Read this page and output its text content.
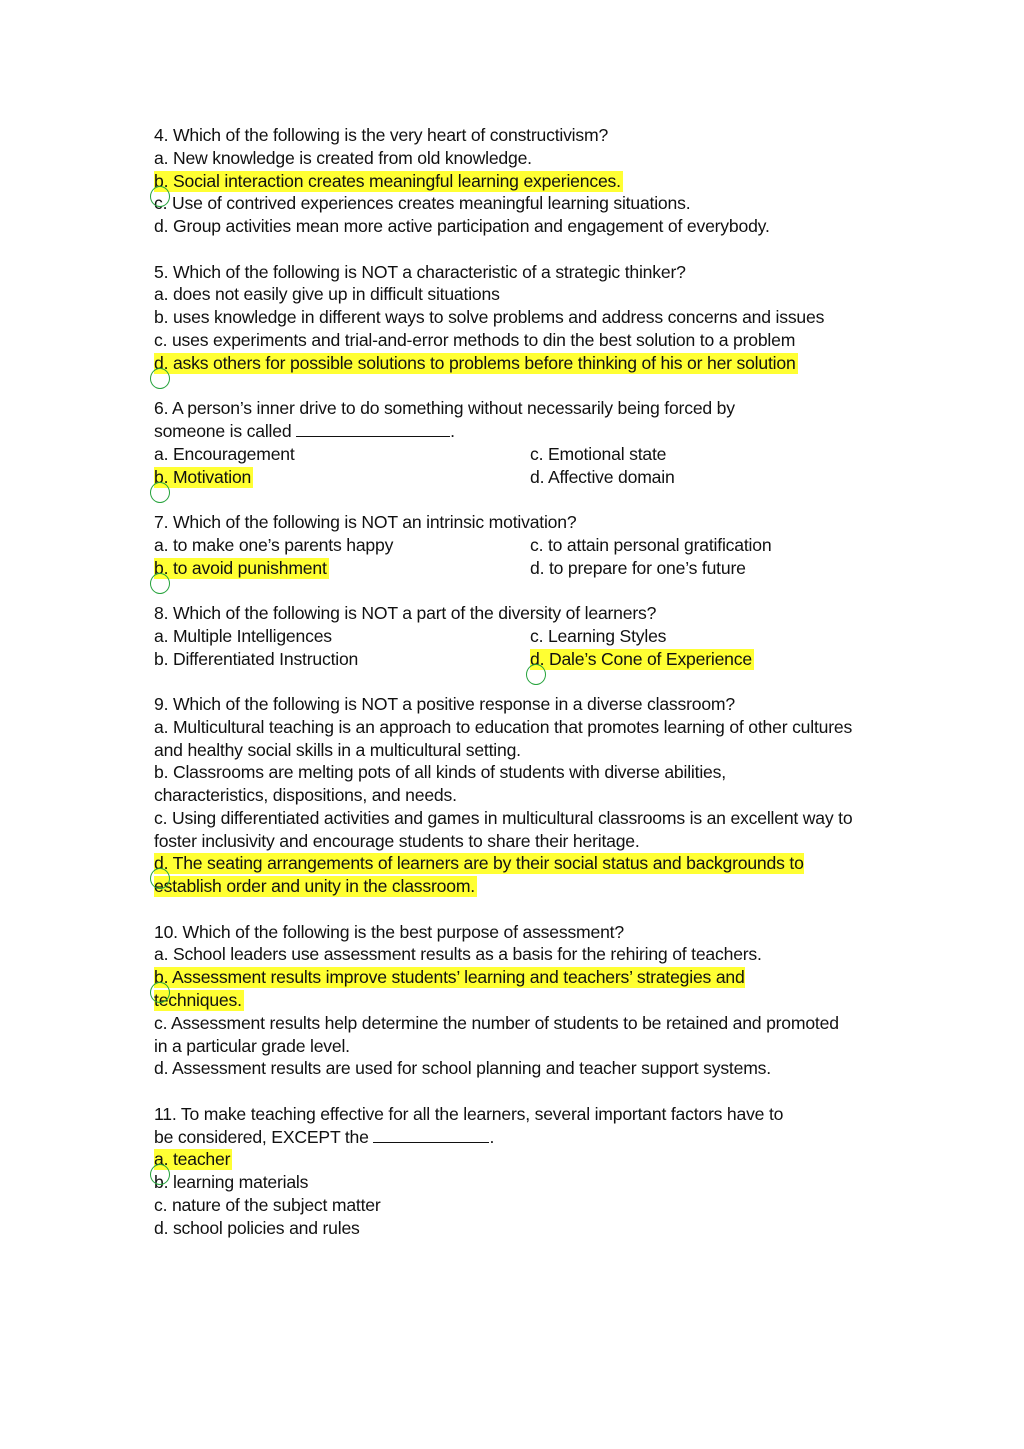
4. Which of the following is the very heart of constructivism?
a. New knowledge is created from old knowledge.
b. Social interaction creates meaningful learning experiences.
c. Use of contrived experiences creates meaningful learning situations.
d. Group activities mean more active participation and engagement of everybody.
5. Which of the following is NOT a characteristic of a strategic thinker?
a. does not easily give up in difficult situations
b. uses knowledge in different ways to solve problems and address concerns and issues
c. uses experiments and trial-and-error methods to din the best solution to a problem
d. asks others for possible solutions to problems before thinking of his or her solution
6. A person’s inner drive to do something without necessarily being forced by
someone is called	.
a. Encouragement	c. Emotional state
b. Motivation	d. Affective domain
7. Which of the following is NOT an intrinsic motivation?
a. to make one’s parents happy	c. to attain personal gratification
b. to avoid punishment	d. to prepare for one’s future
8. Which of the following is NOT a part of the diversity of learners?
a. Multiple Intelligences	c. Learning Styles
b. Differentiated Instruction	d. Dale’s Cone of Experience
9. Which of the following is NOT a positive response in a diverse classroom?
a. Multicultural teaching is an approach to education that promotes learning of other cultures and healthy social skills in a multicultural setting.
b. Classrooms are melting pots of all kinds of students with diverse abilities, characteristics, dispositions, and needs.
c. Using differentiated activities and games in multicultural classrooms is an excellent way to foster inclusivity and encourage students to share their heritage.
d. The seating arrangements of learners are by their social status and backgrounds to establish order and unity in the classroom.
10. Which of the following is the best purpose of assessment?
a. School leaders use assessment results as a basis for the rehiring of teachers.
b. Assessment results improve students’ learning and teachers’ strategies and techniques.
c. Assessment results help determine the number of students to be retained and promoted in a particular grade level.
d. Assessment results are used for school planning and teacher support systems.
11. To make teaching effective for all the learners, several important factors have to
be considered, EXCEPT the	.
a. teacher
b. learning materials
c. nature of the subject matter
d. school policies and rules
